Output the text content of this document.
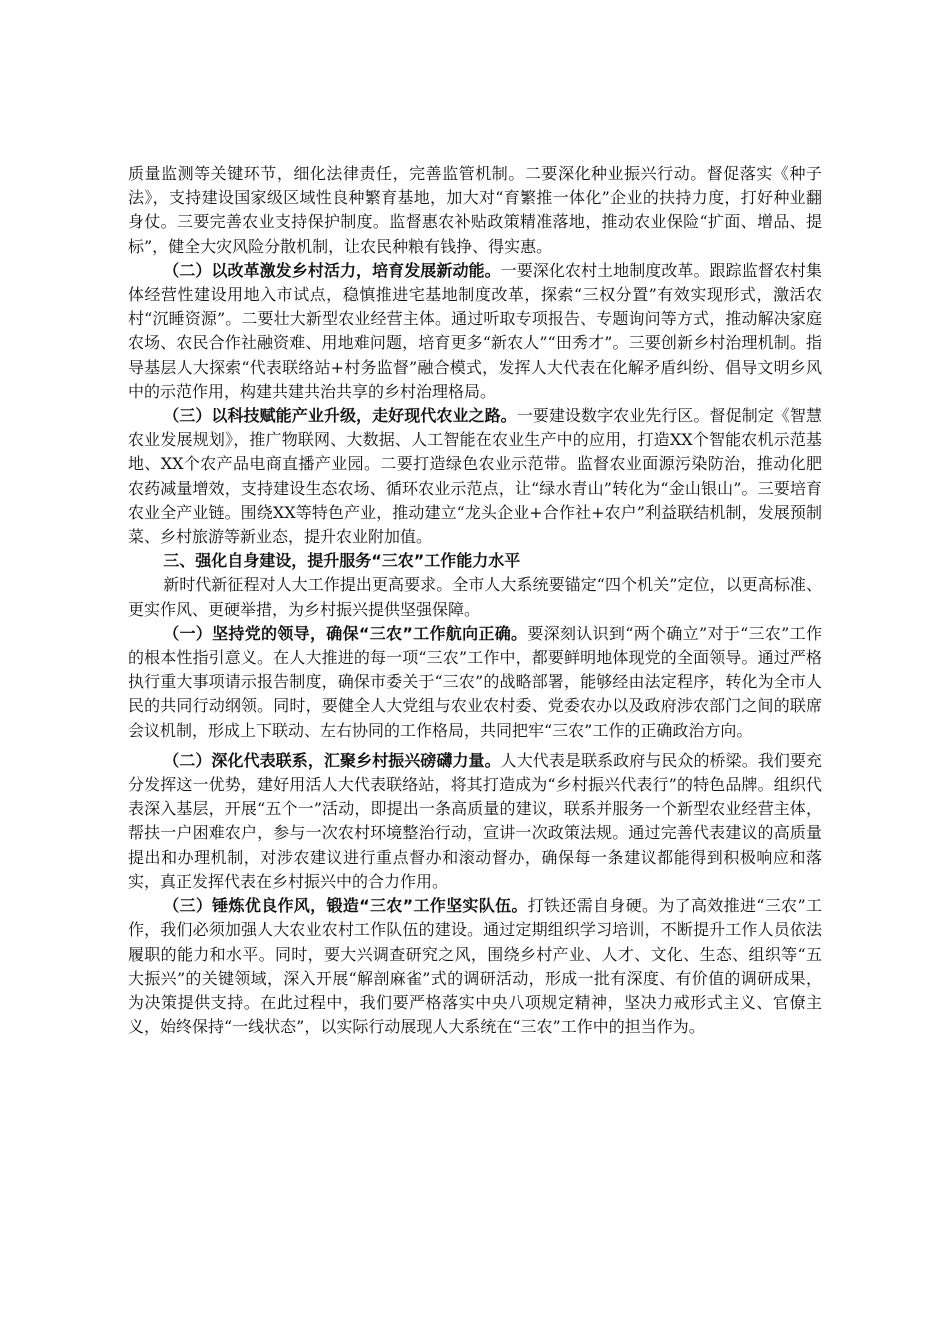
质量监测等关键环节，细化法律责任，完善监管机制。二要深化种业振兴行动。督促落实《种子法》，支持建设国家级区域性良种繁育基地，加大对“育繁推一体化”企业的扶持力度，打好种业翻身仗。三要完善农业支持保护制度。监督惠农补贴政策精准落地，推动农业保险“扩面、增品、提标”，健全大灾风险分散机制，让农民种粮有钱挣、得实惠。

（二）以改革激发乡村活力，培育发展新动能。一要深化农村土地制度改革。跟踪监督农村集体经营性建设用地入市试点，稳慎推进宅基地制度改革，探索“三权分置”有效实现形式，激活农村“沉睡资源”。二要壮大新型农业经营主体。通过听取专项报告、专题询问等方式，推动解决家庭农场、农民合作社融资难、用地难问题，培育更多“新农人”“田秀才”。三要创新乡村治理机制。指导基层人大探索“代表联络站+村务监督”融合模式，发挥人大代表在化解矛盾纠纷、倡导文明乡风中的示范作用，构建共建共治共享的乡村治理格局。

（三）以科技赋能产业升级，走好现代农业之路。一要建设数字农业先行区。督促制定《智慧农业发展规划》，推广物联网、大数据、人工智能在农业生产中的应用，打造XX个智能农机示范基地、XX个农产品电商直播产业园。二要打造绿色农业示范带。监督农业面源污染防治，推动化肥农药减量增效，支持建设生态农场、循环农业示范点，让“绿水青山”转化为“金山银山”。三要培育农业全产业链。围绕XX等特色产业，推动建立“龙头企业+合作社+农户”利益联结机制，发展预制菜、乡村旅游等新业态，提升农业附加值。

三、强化自身建设，提升服务“三农”工作能力水平

新时代新征程对人大工作提出更高要求。全市人大系统要锚定“四个机关”定位，以更高标准、更实作风、更硬举措，为乡村振兴提供坚强保障。

（一）坚持党的领导，确保“三农”工作航向正确。要深刻认识到“两个确立”对于“三农”工作的根本性指引意义。在人大推进的每一项“三农”工作中，都要鲜明地体现党的全面领导。通过严格执行重大事项请示报告制度，确保市委关于“三农”的战略部署，能够经由法定程序，转化为全市人民的共同行动纲领。同时，要健全人大党组与农业农村委、党委农办以及政府涉农部门之间的联席会议机制，形成上下联动、左右协同的工作格局，共同把牢“三农”工作的正确政治方向。

（二）深化代表联系，汇聚乡村振兴磅礴力量。人大代表是联系政府与民众的桥梁。我们要充分发挥这一优势，建好用活人大代表联络站，将其打造成为“乡村振兴代表行”的特色品牌。组织代表深入基层，开展“五个一”活动，即提出一条高质量的建议，联系并服务一个新型农业经营主体，帮扶一户困难农户，参与一次农村环境整治行动，宣讲一次政策法规。通过完善代表建议的高质量提出和办理机制，对涉农建议进行重点督办和滚动督办，确保每一条建议都能得到积极响应和落实，真正发挥代表在乡村振兴中的合力作用。

（三）锤炼优良作风，锻造“三农”工作坚实队伍。打铁还需自身硬。为了高效推进“三农”工作，我们必须加强人大农业农村工作队伍的建设。通过定期组织学习培训，不断提升工作人员依法履职的能力和水平。同时，要大兴调查研究之风，围绕乡村产业、人才、文化、生态、组织等“五大振兴”的关键领域，深入开展“解剖麻雀”式的调研活动，形成一批有深度、有价值的调研成果，为决策提供支持。在此过程中，我们要严格落实中央八项规定精神，坚决力戒形式主义、官僚主义，始终保持“一线状态”，以实际行动展现人大系统在“三农”工作中的担当作为。
